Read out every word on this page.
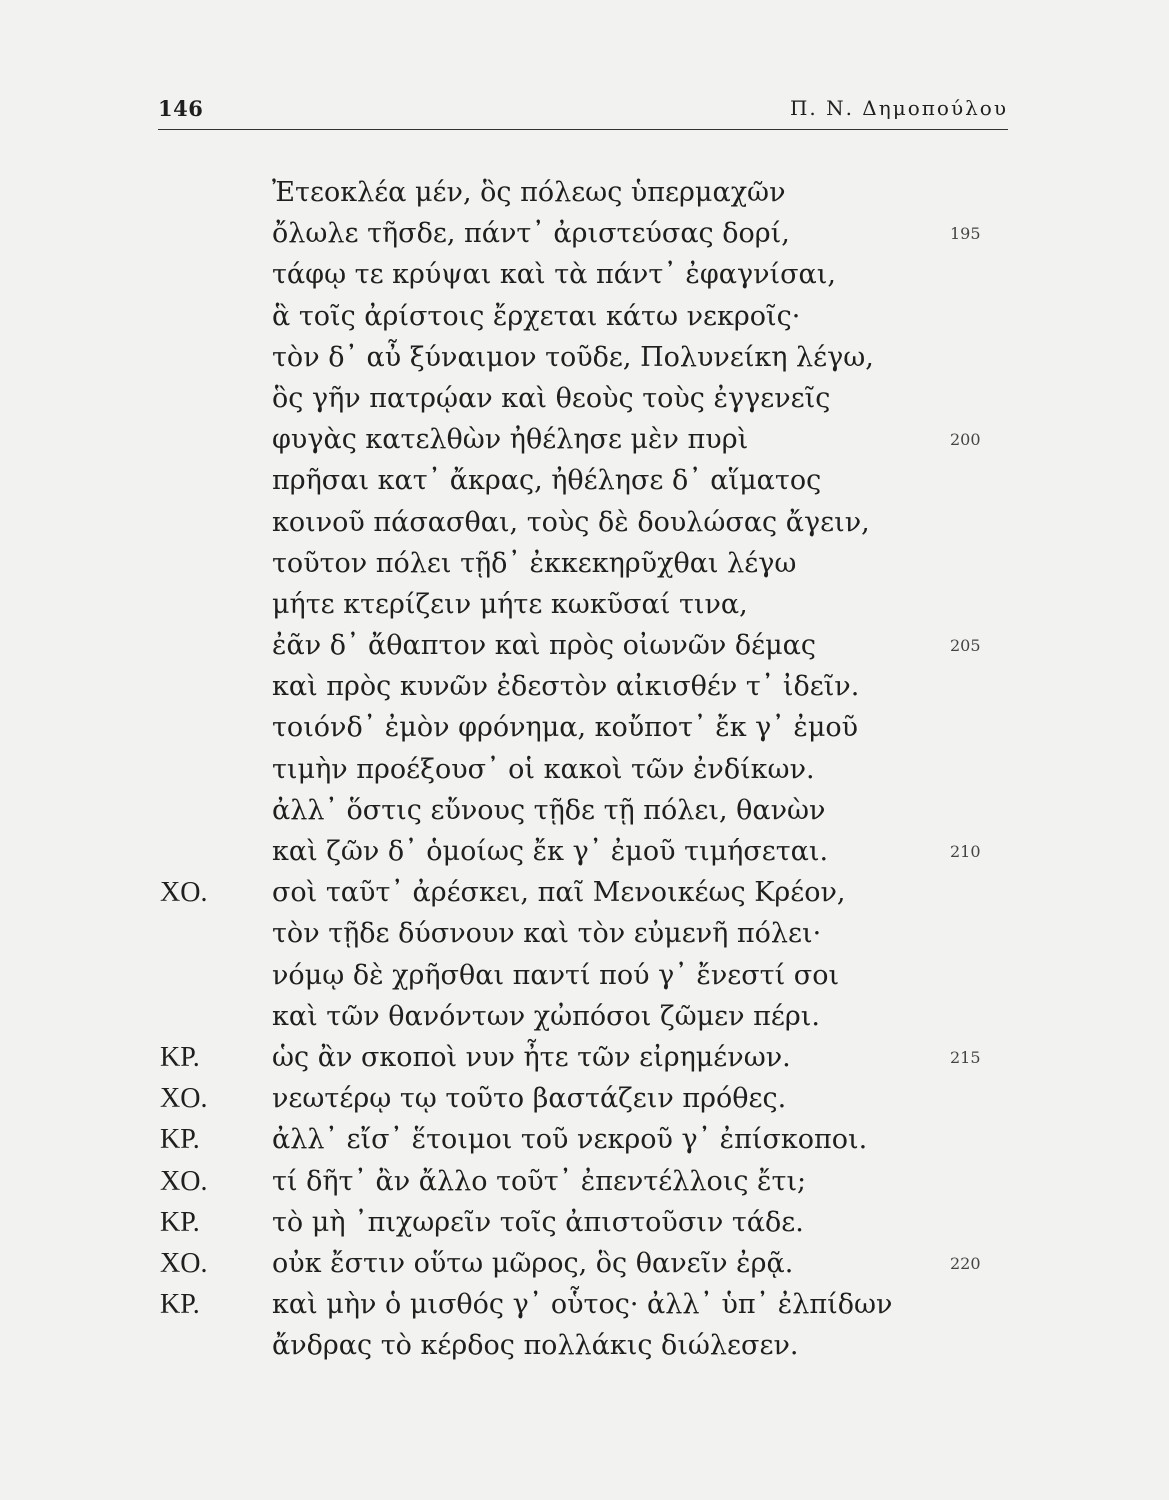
146	Π. Ν. Δημοπούλου
Ἐτεοκλέα μέν, ὃς πόλεως ὑπερμαχῶν
ὄλωλε τῆσδε, πάντ᾽ ἀριστεύσας δορί,	195
τάφῳ τε κρύψαι καὶ τὰ πάντ᾽ ἐφαγνίσαι,
ἃ τοῖς ἀρίστοις ἔρχεται κάτω νεκροῖς·
τὸν δ᾽ αὖ ξύναιμον τοῦδε, Πολυνείκη λέγω,
ὃς γῆν πατρῴαν καὶ θεοὺς τοὺς ἐγγενεῖς
φυγὰς κατελθὼν ἠθέλησε μὲν πυρὶ	200
πρῆσαι κατ᾽ ἄκρας, ἠθέλησε δ᾽ αἵματος
κοινοῦ πάσασθαι, τοὺς δὲ δουλώσας ἄγειν,
τοῦτον πόλει τῇδ᾽ ἐκκεκηρῦχθαι λέγω
μήτε κτερίζειν μήτε κωκῦσαί τινα,
ἐᾶν δ᾽ ἄθαπτον καὶ πρὸς οἰωνῶν δέμας	205
καὶ πρὸς κυνῶν ἐδεστὸν αἰκισθέν τ᾽ ἰδεῖν.
τοιόνδ᾽ ἐμὸν φρόνημα, κοὔποτ᾽ ἔκ γ᾽ ἐμοῦ
τιμὴν προέξουσ᾽ οἱ κακοὶ τῶν ἐνδίκων.
ἀλλ᾽ ὅστις εὔνους τῇδε τῇ πόλει, θανὼν
καὶ ζῶν δ᾽ ὁμοίως ἔκ γ᾽ ἐμοῦ τιμήσεται.	210
ΧΟ. σοὶ ταῦτ᾽ ἀρέσκει, παῖ Μενοικέως Κρέον,
τὸν τῇδε δύσνουν καὶ τὸν εὐμενῆ πόλει·
νόμῳ δὲ χρῆσθαι παντί πού γ᾽ ἔνεστί σοι
καὶ τῶν θανόντων χὠπόσοι ζῶμεν πέρι.
ΚΡ.	ὡς ἂν σκοποὶ νυν ἦτε τῶν εἰρημένων.	215
ΧΟ. νεωτέρῳ τῳ τοῦτο βαστάζειν πρόθες.
ΚΡ.	ἀλλ᾽ εἴσ᾽ ἕτοιμοι τοῦ νεκροῦ γ᾽ ἐπίσκοποι.
ΧΟ. τί δῆτ᾽ ἂν ἄλλο τοῦτ᾽ ἐπεντέλλοις ἔτι;
ΚΡ.	τὸ μὴ ᾽πιχωρεῖν τοῖς ἀπιστοῦσιν τάδε.
ΧΟ. οὐκ ἔστιν οὕτω μῶρος, ὃς θανεῖν ἐρᾷ.	220
ΚΡ.	καὶ μὴν ὁ μισθός γ᾽ οὗτος· ἀλλ᾽ ὑπ᾽ ἐλπίδων
ἄνδρας τὸ κέρδος πολλάκις διώλεσεν.
